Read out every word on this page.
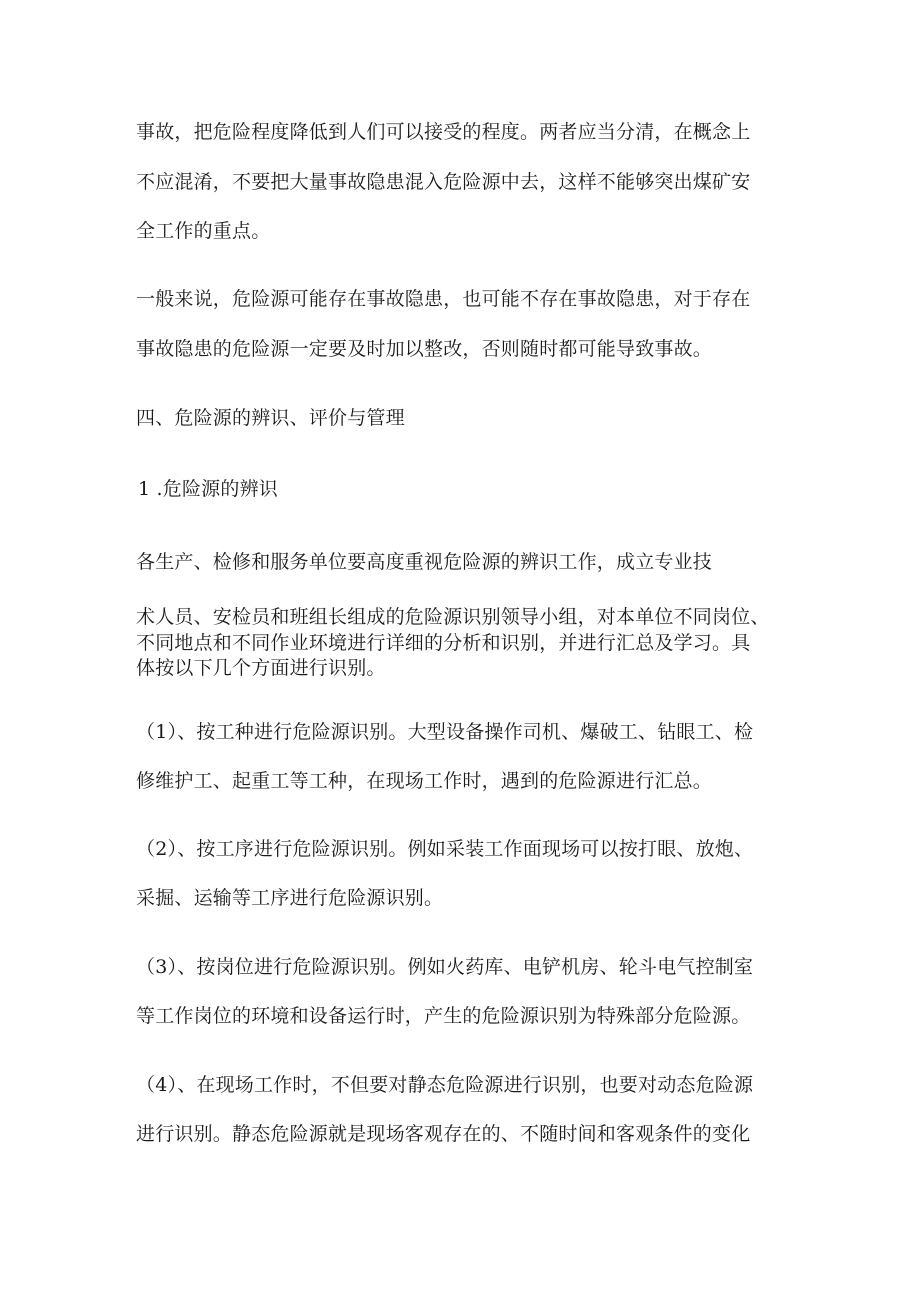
事故，把危险程度降低到人们可以接受的程度。两者应当分清，在概念上
不应混淆，不要把大量事故隐患混入危险源中去，这样不能够突出煤矿安
全工作的重点。
一般来说，危险源可能存在事故隐患，也可能不存在事故隐患，对于存在
事故隐患的危险源一定要及时加以整改，否则随时都可能导致事故。
四、危险源的辨识、评价与管理
1 .危险源的辨识
各生产、检修和服务单位要高度重视危险源的辨识工作，成立专业技
术人员、安检员和班组长组成的危险源识别领导小组，对本单位不同岗位、
不同地点和不同作业环境进行详细的分析和识别，并进行汇总及学习。具
体按以下几个方面进行识别。
（1）、按工种进行危险源识别。大型设备操作司机、爆破工、钻眼工、检
修维护工、起重工等工种，在现场工作时，遇到的危险源进行汇总。
（2）、按工序进行危险源识别。例如采装工作面现场可以按打眼、放炮、
采掘、运输等工序进行危险源识别。
（3）、按岗位进行危险源识别。例如火药库、电铲机房、轮斗电气控制室
等工作岗位的环境和设备运行时，产生的危险源识别为特殊部分危险源。
（4）、在现场工作时，不但要对静态危险源进行识别，也要对动态危险源
进行识别。静态危险源就是现场客观存在的、不随时间和客观条件的变化
